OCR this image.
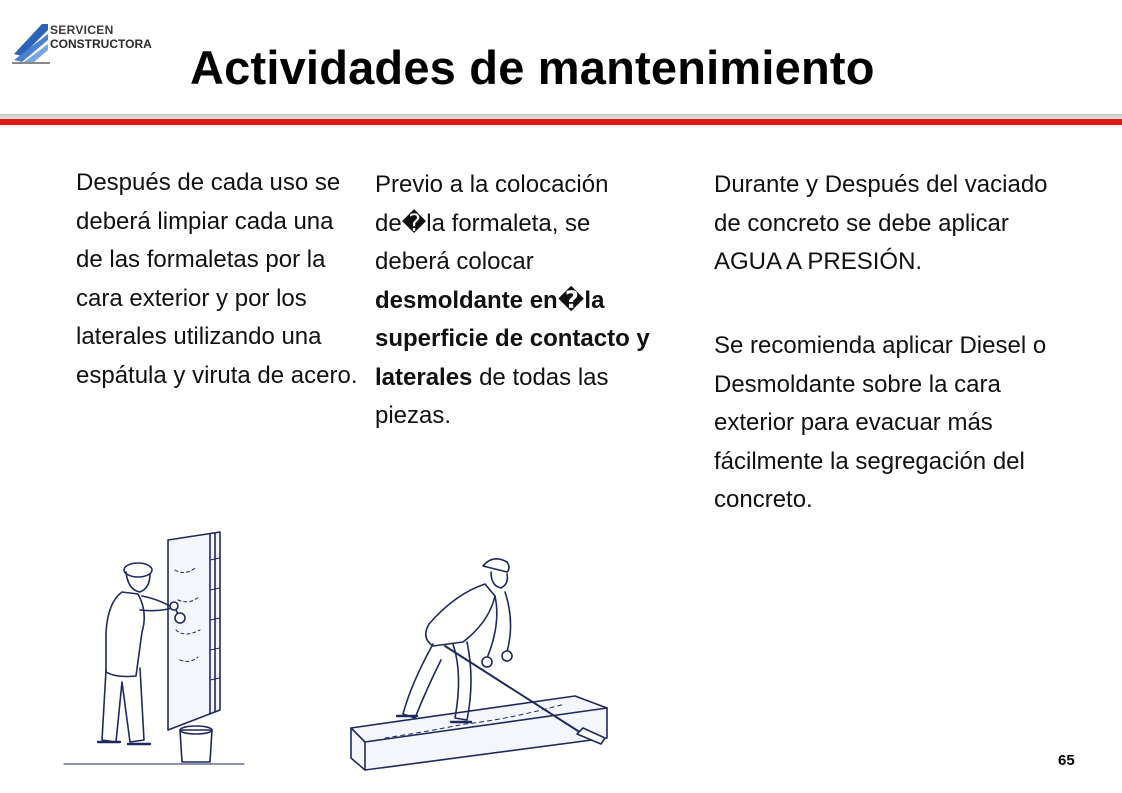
SERVICEN
CONSTRUCTORA Actividades de mantenimiento
Después de cada uso se deberá limpiar cada una de las formaletas por la cara exterior y por los laterales utilizando una espátula y viruta de acero.
Previo a la colocación de�la formaleta, se deberá colocar desmoldante en�la superficie de contacto y laterales de todas las piezas.
Durante y Después del vaciado de concreto se debe aplicar AGUA A PRESIÓN.
Se recomienda aplicar Diesel o Desmoldante sobre la cara exterior para evacuar más fácilmente la segregación del concreto.
65
